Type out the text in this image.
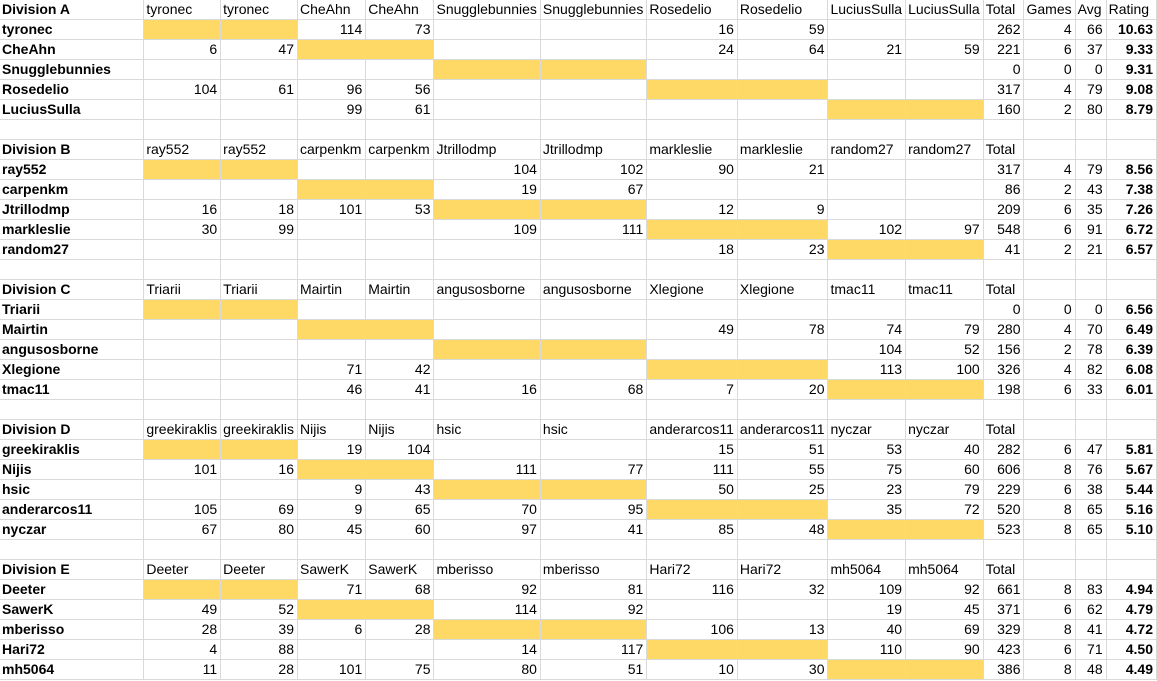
Division A	tyronec	tyronec	CheAhn	CheAhn	Snugglebunnies	Snugglebunnies	Rosedelio	Rosedelio	LuciusSulla	LuciusSulla	Total	Games	Avg	Rating
tyronec			114	73			16	59			262	4	66	10.63
CheAhn	6	47					24	64	21	59	221	6	37	9.33
Snugglebunnies											0	0	0	9.31
Rosedelio	104	61	96	56							317	4	79	9.08
LuciusSulla			99	61							160	2	80	8.79

Division B	ray552	ray552	carpenkm	carpenkm	Jtrillodmp	Jtrillodmp	markleslie	markleslie	random27	random27	Total			
ray552					104	102	90	21			317	4	79	8.56
carpenkm					19	67					86	2	43	7.38
Jtrillodmp	16	18	101	53			12	9			209	6	35	7.26
markleslie	30	99			109	111			102	97	548	6	91	6.72
random27							18	23			41	2	21	6.57

Division C	Triarii	Triarii	Mairtin	Mairtin	angusosborne	angusosborne	Xlegione	Xlegione	tmac11	tmac11	Total			
Triarii											0	0	0	6.56
Mairtin							49	78	74	79	280	4	70	6.49
angusosborne									104	52	156	2	78	6.39
Xlegione			71	42					113	100	326	4	82	6.08
tmac11			46	41	16	68	7	20			198	6	33	6.01

Division D	greekiraklis	greekiraklis	Nijis	Nijis	hsic	hsic	anderarcos11	anderarcos11	nyczar	nyczar	Total			
greekiraklis			19	104			15	51	53	40	282	6	47	5.81
Nijis	101	16			111	77	111	55	75	60	606	8	76	5.67
hsic			9	43			50	25	23	79	229	6	38	5.44
anderarcos11	105	69	9	65	70	95			35	72	520	8	65	5.16
nyczar	67	80	45	60	97	41	85	48			523	8	65	5.10

Division E	Deeter	Deeter	SawerK	SawerK	mberisso	mberisso	Hari72	Hari72	mh5064	mh5064	Total			
Deeter			71	68	92	81	116	32	109	92	661	8	83	4.94
SawerK	49	52			114	92			19	45	371	6	62	4.79
mberisso	28	39	6	28			106	13	40	69	329	8	41	4.72
Hari72	4	88			14	117			110	90	423	6	71	4.50
mh5064	11	28	101	75	80	51	10	30			386	8	48	4.49
